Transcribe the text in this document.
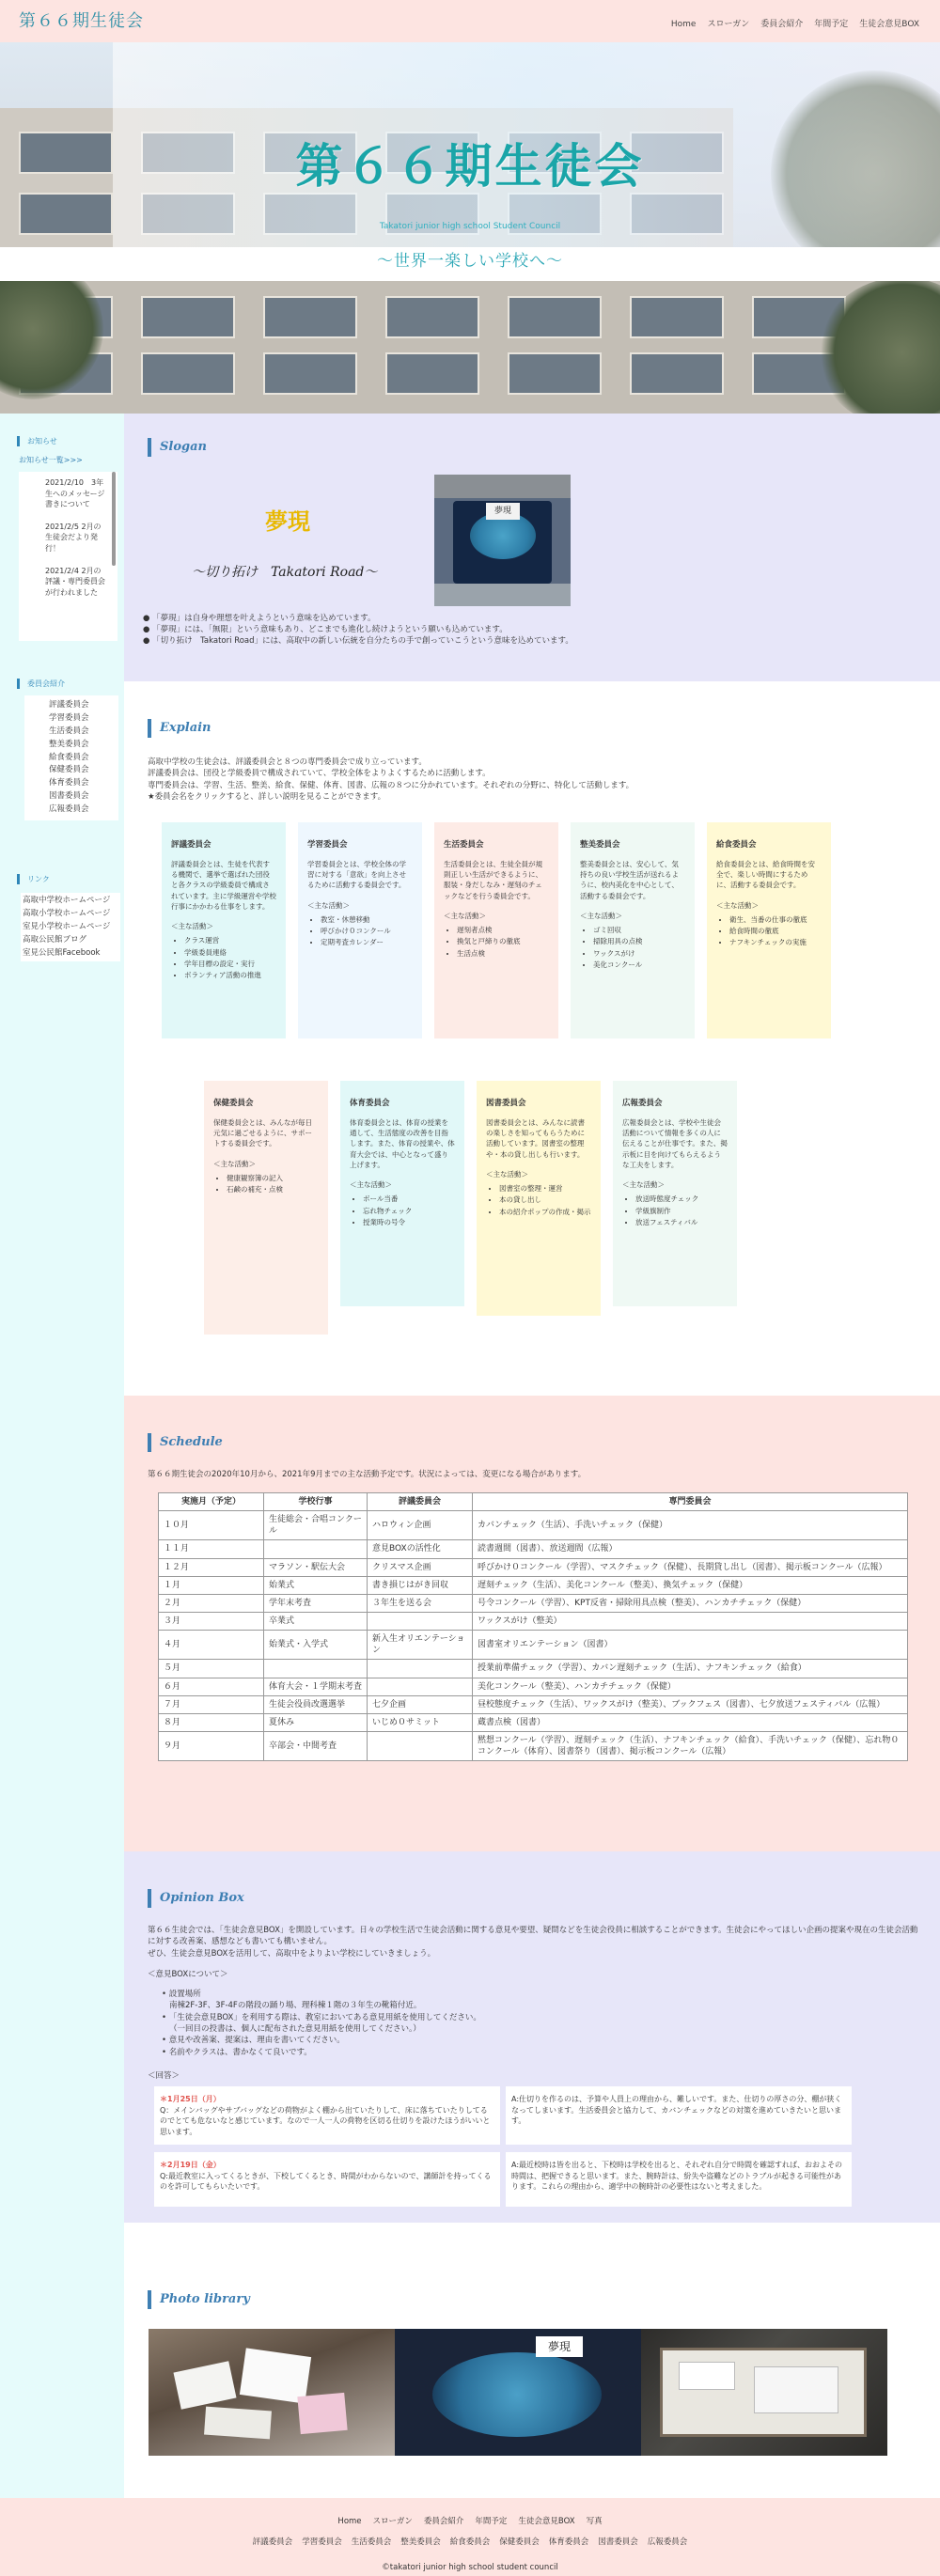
第６６期生徒会	Home スローガン 委員会紹介 年間予定 生徒会意見BOX
第６６期生徒会
Takatori junior high school Student Council
〜世界一楽しい学校へ〜
お知らせ
お知らせ一覧>>>
2021/2/10　3年生へのメッセージ書きについて
2021/2/5 2月の生徒会だより発行！
2021/2/4 2月の評議・専門委員会が行われました
委員会紹介
評議委員会
学習委員会
生活委員会
整美委員会
給食委員会
保健委員会
体育委員会
図書委員会
広報委員会
リンク
高取中学校ホームページ
高取小学校ホームページ
室見小学校ホームページ
高取公民館ブログ
室見公民館Facebook
Slogan
夢現
〜切り拓け　Takatori Road〜
夢現
● 「夢現」は自身や理想を叶えようという意味を込めています。
● 「夢現」には、「無限」という意味もあり、どこまでも進化し続けようという願いも込めています。
● 「切り拓け　Takatori Road」には、高取中の新しい伝統を自分たちの手で創っていこうという意味を込めています。
Explain
高取中学校の生徒会は、評議委員会と８つの専門委員会で成り立っています。
評議委員会は、団役と学級委員で構成されていて、学校全体をよりよくするために活動します。
専門委員会は、学習、生活、整美、給食、保健、体育、図書、広報の８つに分かれています。それぞれの分野に、特化して活動します。
★委員会名をクリックすると、詳しい説明を見ることができます。
評議委員会
評議委員会とは、生徒を代表する機関で、選挙で選ばれた団役と各クラスの学級委員で構成されています。主に学級運営や学校行事にかかわる仕事をします。
＜主な活動＞
• クラス運営
• 学級委員連絡
• 学年目標の設定・実行
• ボランティア活動の推進
学習委員会
学習委員会とは、学校全体の学習に対する「意欲」を向上させるために活動する委員会です。
＜主な活動＞
• 教室・休憩移動
• 呼びかけ０コンクール
• 定期考査カレンダー
生活委員会
生活委員会とは、生徒全員が規則正しい生活ができるように、服装・身だしなみ・遅刻のチェックなどを行う委員会です。
＜主な活動＞
• 遅刻者点検
• 換気と戸締りの徹底
• 生活点検
整美委員会
整美委員会とは、安心して、気持ちの良い学校生活が送れるように、校内美化を中心として、活動する委員会です。
＜主な活動＞
• ゴミ回収
• 掃除用具の点検
• ワックスがけ
• 美化コンクール
給食委員会
給食委員会とは、給食時間を安全で、楽しい時間にするために、活動する委員会です。
＜主な活動＞
• 衛生、当番の仕事の徹底
• 給食時間の徹底
• ナフキンチェックの実施
保健委員会
保健委員会とは、みんなが毎日元気に過ごせるように、サポートする委員会です。
＜主な活動＞
• 健康観察簿の記入
• 石鹸の補充・点検
体育委員会
体育委員会とは、体育の授業を通して、生活態度の改善を目指します。また、体育の授業や、体育大会では、中心となって盛り上げます。
＜主な活動＞
• ボール当番
• 忘れ物チェック
• 授業時の号令
図書委員会
図書委員会とは、みんなに読書の楽しさを知ってもらうために活動しています。図書室の整理や・本の貸し出しも行います。
＜主な活動＞
• 図書室の整理・運営
• 本の貸し出し
• 本の紹介ポップの作成・掲示
広報委員会
広報委員会とは、学校や生徒会活動について情報を多くの人に伝えることが仕事です。また、掲示板に目を向けてもらえるような工夫をします。
＜主な活動＞
• 放送時態度チェック
• 学級旗制作
• 放送フェスティバル
Schedule
第６６期生徒会の2020年10月から、2021年9月までの主な活動予定です。状況によっては、変更になる場合があります。
実施月（予定）	学校行事	評議委員会	専門委員会
１０月	生徒総会・合唱コンクール	ハロウィン企画	カバンチェック（生活）、手洗いチェック（保健）
１１月		意見BOXの活性化	読書週間（図書）、放送週間（広報）
１２月	マラソン・駅伝大会	クリスマス企画	呼びかけ０コンクール（学習）、マスクチェック（保健）、長期貸し出し（図書）、掲示板コンクール（広報）
１月	始業式	書き損じはがき回収	遅刻チェック（生活）、美化コンクール（整美）、換気チェック（保健）
２月	学年末考査	３年生を送る会	号令コンクール（学習）、KPT反省・掃除用具点検（整美）、ハンカチチェック（保健）
３月	卒業式		ワックスがけ（整美）
４月	始業式・入学式	新入生オリエンテーション	図書室オリエンテーション（図書）
５月			授業前準備チェック（学習）、カバン遅刻チェック（生活）、ナフキンチェック（給食）
６月	体育大会・１学期末考査		美化コンクール（整美）、ハンカチチェック（保健）
７月	生徒会役員改選選挙	七夕企画	昼校態度チェック（生活）、ワックスがけ（整美）、ブックフェス（図書）、七夕放送フェスティバル（広報）
８月	夏休み	いじめ０サミット	蔵書点検（図書）
９月	卒部会・中間考査		黙想コンクール（学習）、遅刻チェック（生活）、ナフキンチェック（給食）、手洗いチェック（保健）、忘れ物０コンクール（体育）、図書祭り（図書）、掲示板コンクール（広報）
Opinion Box
第６６生徒会では、「生徒会意見BOX」を開設しています。日々の学校生活で生徒会活動に関する意見や要望、疑問などを生徒会役員に相談することができます。生徒会にやってほしい企画の提案や現在の生徒会活動に対する改善案、感想なども書いても構いません。
ぜひ、生徒会意見BOXを活用して、高取中をよりよい学校にしていきましょう。
＜意見BOXについて＞
• 設置場所
南棟2F-3F、3F-4Fの階段の踊り場、理科棟１階の３年生の靴箱付近。
• 「生徒会意見BOX」を利用する際は、教室においてある意見用紙を使用してください。
（一回目の投書は、個人に配布された意見用紙を使用してください。）
• 意見や改善案、提案は、理由を書いてください。
• 名前やクラスは、書かなくて良いです。
＜回答＞
＊1月25日（月）
Q：メインバッグやサブバッグなどの荷物がよく棚から出ていたりして、床に落ちていたりしてるのでとても危ないなと感じています。なので一人一人の荷物を区切る仕切りを設けたほうがいいと思います。
A:仕切りを作るのは、予算や人員上の理由から、難しいです。また、仕切りの厚さの分、棚が狭くなってしまいます。生活委員会と協力して、カバンチェックなどの対策を進めていきたいと思います。
＊2月19日（金）
Q:最近教室に入ってくるときが、下校してくるとき、時間がわからないので、講師計を持ってくるのを許可してもらいたいです。
A:最近校時は皆を出ると、下校時は学校を出ると、それぞれ自分で時間を確認すれば、おおよその時間は、把握できると思います。また、腕時計は、紛失や盗難などのトラブルが起きる可能性があります。これらの理由から、適学中の腕時計の必要性はないと考えました。
Photo library
夢現
Home スローガン 委員会紹介 年間予定 生徒会意見BOX 写真
評議委員会 学習委員会 生活委員会 整美委員会 給食委員会 保健委員会 体育委員会 図書委員会 広報委員会
©takatori junior high school student council
